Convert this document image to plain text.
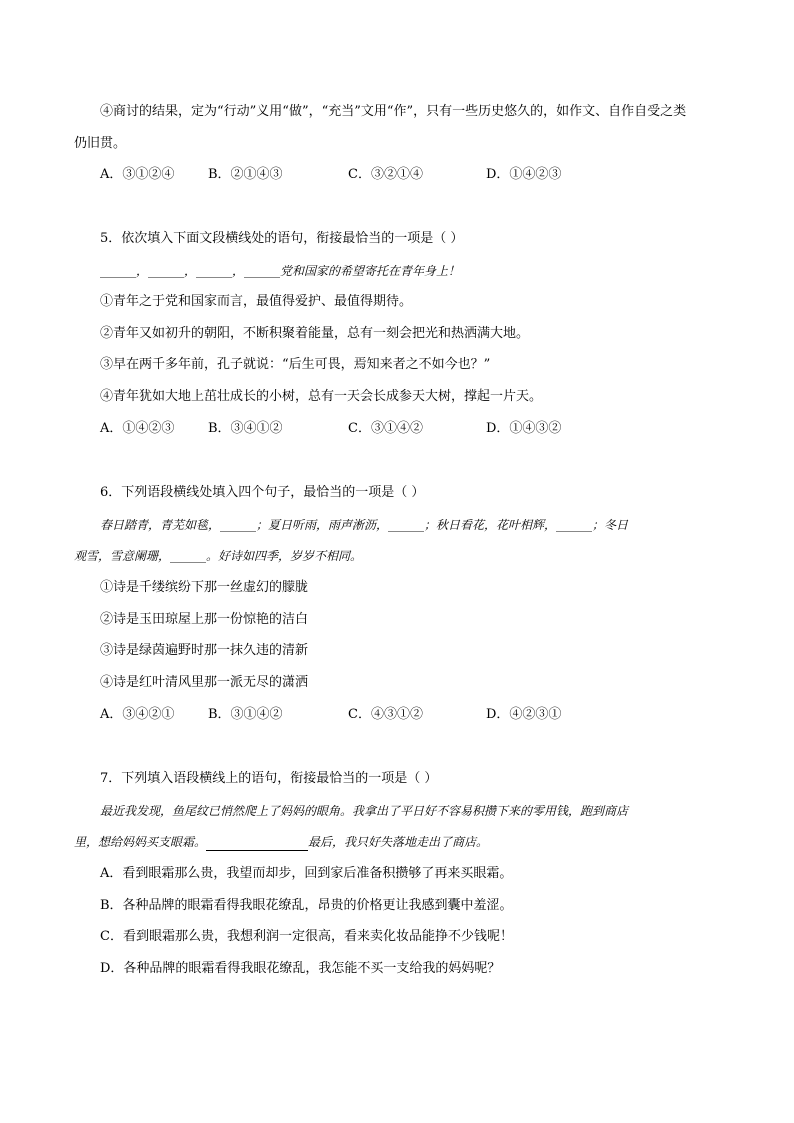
④商讨的结果，定为“行动”义用“做”，“充当”文用“作”，只有一些历史悠久的，如作文、自作自受之类
仍旧贯。
A．③①②④	B．②①④③	C．③②①④	D．①④②③
5．依次填入下面文段横线处的语句，衔接最恰当的一项是（ ）
______，______，______，______党和国家的希望寄托在青年身上！
①青年之于党和国家而言，最值得爱护、最值得期待。
②青年又如初升的朝阳，不断积聚着能量，总有一刻会把光和热洒满大地。
③早在两千多年前，孔子就说：“后生可畏，焉知来者之不如今也？”
④青年犹如大地上茁壮成长的小树，总有一天会长成参天大树，撑起一片天。
A．①④②③	B．③④①②	C．③①④②	D．①④③②
6．下列语段横线处填入四个句子，最恰当的一项是（ ）
春日踏青，青芜如毯，______；夏日听雨，雨声淅沥，______；秋日看花，花叶相辉，______；冬日
观雪，雪意阑珊，______。好诗如四季，岁岁不相同。
①诗是千缕缤纷下那一丝虚幻的朦胧
②诗是玉田琼屋上那一份惊艳的洁白
③诗是绿茵遍野时那一抹久违的清新
④诗是红叶清风里那一派无尽的潇洒
A．③④②①	B．③①④②	C．④③①②	D．④②③①
7．下列填入语段横线上的语句，衔接最恰当的一项是（ ）
最近我发现，鱼尾纹已悄然爬上了妈妈的眼角。我拿出了平日好不容易积攒下来的零用钱，跑到商店
里，想给妈妈买支眼霜。	最后，我只好失落地走出了商店。
A．看到眼霜那么贵，我望而却步，回到家后准备积攒够了再来买眼霜。
B．各种品牌的眼霜看得我眼花缭乱，昂贵的价格更让我感到囊中羞涩。
C．看到眼霜那么贵，我想利润一定很高，看来卖化妆品能挣不少钱呢！
D．各种品牌的眼霜看得我眼花缭乱，我怎能不买一支给我的妈妈呢？
